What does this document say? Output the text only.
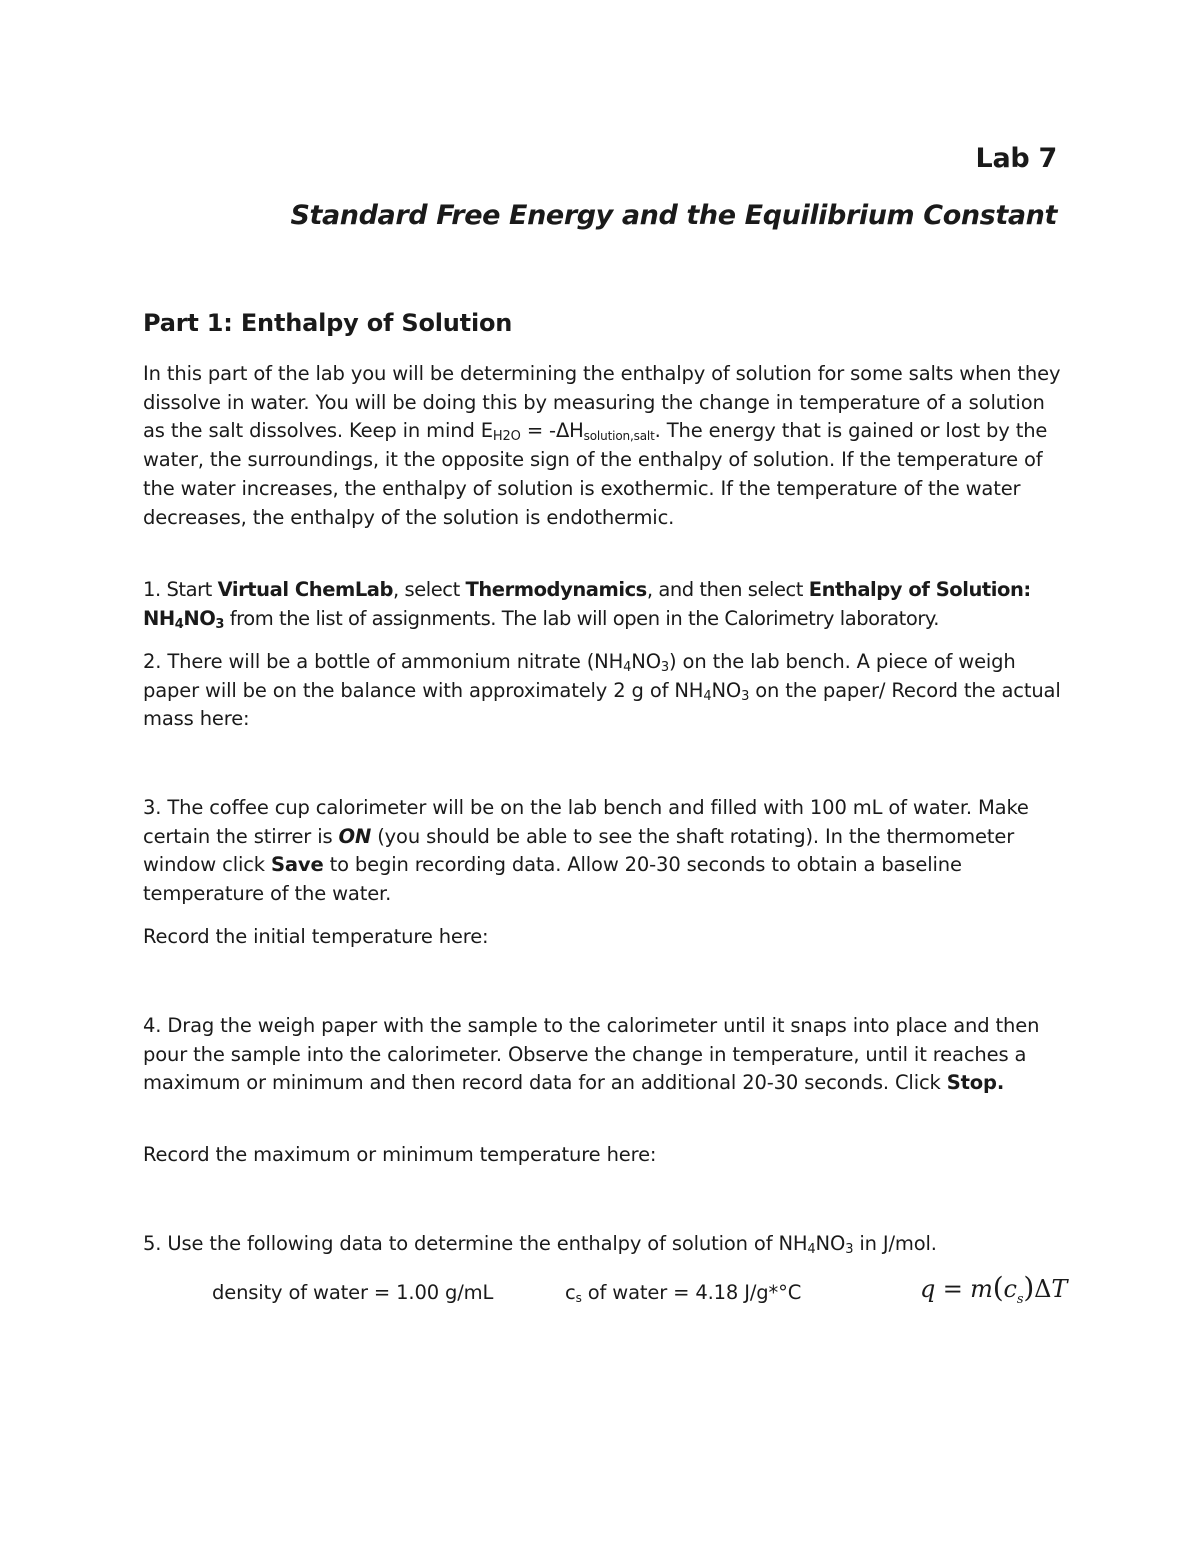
Lab 7
Standard Free Energy and the Equilibrium Constant
Part 1: Enthalpy of Solution
In this part of the lab you will be determining the enthalpy of solution for some salts when they dissolve in water. You will be doing this by measuring the change in temperature of a solution as the salt dissolves. Keep in mind $E_{H2O} = -\Delta H_{solution,salt}$. The energy that is gained or lost by the water, the surroundings, it the opposite sign of the enthalpy of solution. If the temperature of the water increases, the enthalpy of solution is exothermic. If the temperature of the water decreases, the enthalpy of the solution is endothermic.
1. Start Virtual ChemLab, select Thermodynamics, and then select Enthalpy of Solution: $NH_4NO_3$ from the list of assignments. The lab will open in the Calorimetry laboratory.
2. There will be a bottle of ammonium nitrate $(NH_4NO_3)$ on the lab bench. A piece of weigh paper will be on the balance with approximately 2 g of $NH_4NO_3$ on the paper/ Record the actual mass here:
3. The coffee cup calorimeter will be on the lab bench and filled with 100 mL of water. Make certain the stirrer is ON (you should be able to see the shaft rotating). In the thermometer window click Save to begin recording data. Allow 20-30 seconds to obtain a baseline temperature of the water.
Record the initial temperature here:
4. Drag the weigh paper with the sample to the calorimeter until it snaps into place and then pour the sample into the calorimeter. Observe the change in temperature, until it reaches a maximum or minimum and then record data for an additional 20-30 seconds. Click Stop.
Record the maximum or minimum temperature here:
5. Use the following data to determine the enthalpy of solution of $NH_4NO_3$ in J/mol.
density of water = 1.00 g/mL	$c_s$ of water = 4.18 J/g*°C	$q = m(c_s)\Delta T$
